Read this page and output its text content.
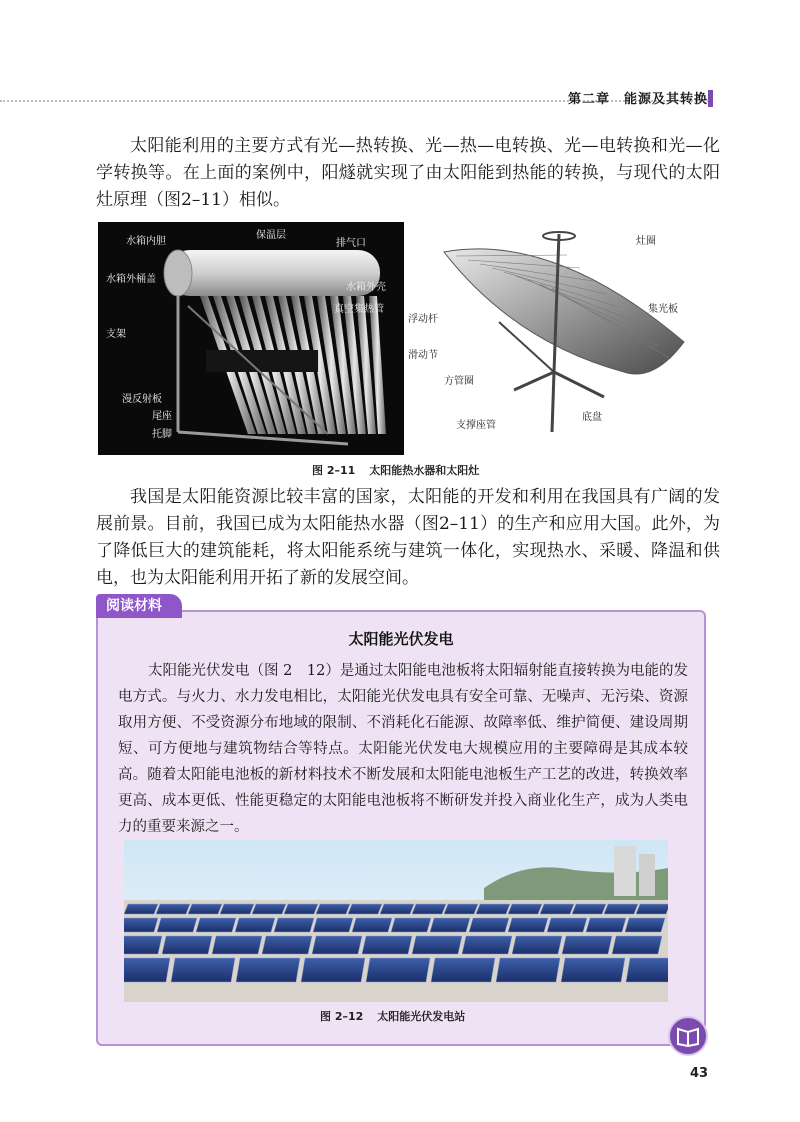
第二章　能源及其转换

太阳能利用的主要方式有光—热转换、光—热—电转换、光—电转换和光—化学转换等。在上面的案例中，阳燧就实现了由太阳能到热能的转换，与现代的太阳灶原理（图2–11）相似。

水箱内胆
保温层
排气口
水箱外壳
水箱外桶盖
真空集热管
支架
漫反射板
尾座
托脚
灶圈
集光板
浮动杆
滑动节
方管圈
支撑座管
底盘
图 2–11 太阳能热水器和太阳灶

我国是太阳能资源比较丰富的国家，太阳能的开发和利用在我国具有广阔的发展前景。目前，我国已成为太阳能热水器（图2–11）的生产和应用大国。此外，为了降低巨大的建筑能耗，将太阳能系统与建筑一体化，实现热水、采暖、降温和供电，也为太阳能利用开拓了新的发展空间。

太阳能光伏发电

太阳能光伏发电（图 2　12）是通过太阳能电池板将太阳辐射能直接转换为电能的发电方式。与火力、水力发电相比，太阳能光伏发电具有安全可靠、无噪声、无污染、资源取用方便、不受资源分布地域的限制、不消耗化石能源、故障率低、维护简便、建设周期短、可方便地与建筑物结合等特点。太阳能光伏发电大规模应用的主要障碍是其成本较高。随着太阳能电池板的新材料技术不断发展和太阳能电池板生产工艺的改进，转换效率更高、成本更低、性能更稳定的太阳能电池板将不断研发并投入商业化生产，成为人类电力的重要来源之一。

阅读材料
图 2–12 太阳能光伏发电站
43
